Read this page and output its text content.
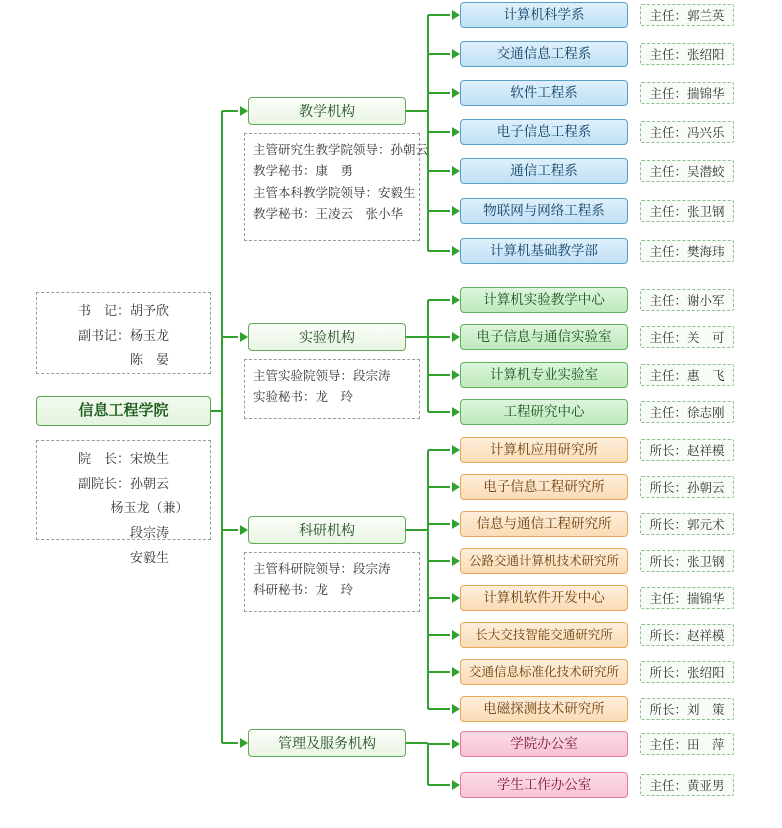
书　记：胡予欣
副书记：杨玉龙
　　　　陈　晏
信息工程学院
院　长：宋焕生
副院长：孙朝云
　　　　杨玉龙（兼）
　　　　段宗涛
　　　　安毅生
教学机构
主管研究生教学院领导：孙朝云
教学秘书：康　勇
主管本科教学院领导：安毅生
教学秘书：王凌云　张小华
计算机科学系	主任：郭兰英
交通信息工程系	主任：张绍阳
软件工程系	主任：揣锦华
电子信息工程系	主任：冯兴乐
通信工程系	主任：吴潜蛟
物联网与网络工程系	主任：张卫钢
计算机基础教学部	主任：樊海玮
实验机构
主管实验院领导：段宗涛
实验秘书：龙　玲
计算机实验教学中心	主任：谢小军
电子信息与通信实验室	主任：关　可
计算机专业实验室	主任：惠　飞
工程研究中心	主任：徐志刚
科研机构
主管科研院领导：段宗涛
科研秘书：龙　玲
计算机应用研究所	所长：赵祥模
电子信息工程研究所	所长：孙朝云
信息与通信工程研究所	所长：郭元术
公路交通计算机技术研究所	所长：张卫钢
计算机软件开发中心	主任：揣锦华
长大交技智能交通研究所	所长：赵祥模
交通信息标准化技术研究所	所长：张绍阳
电磁探测技术研究所	所长：刘　策
管理及服务机构	学院办公室	主任：田　萍
学生工作办公室	主任：黄亚男
